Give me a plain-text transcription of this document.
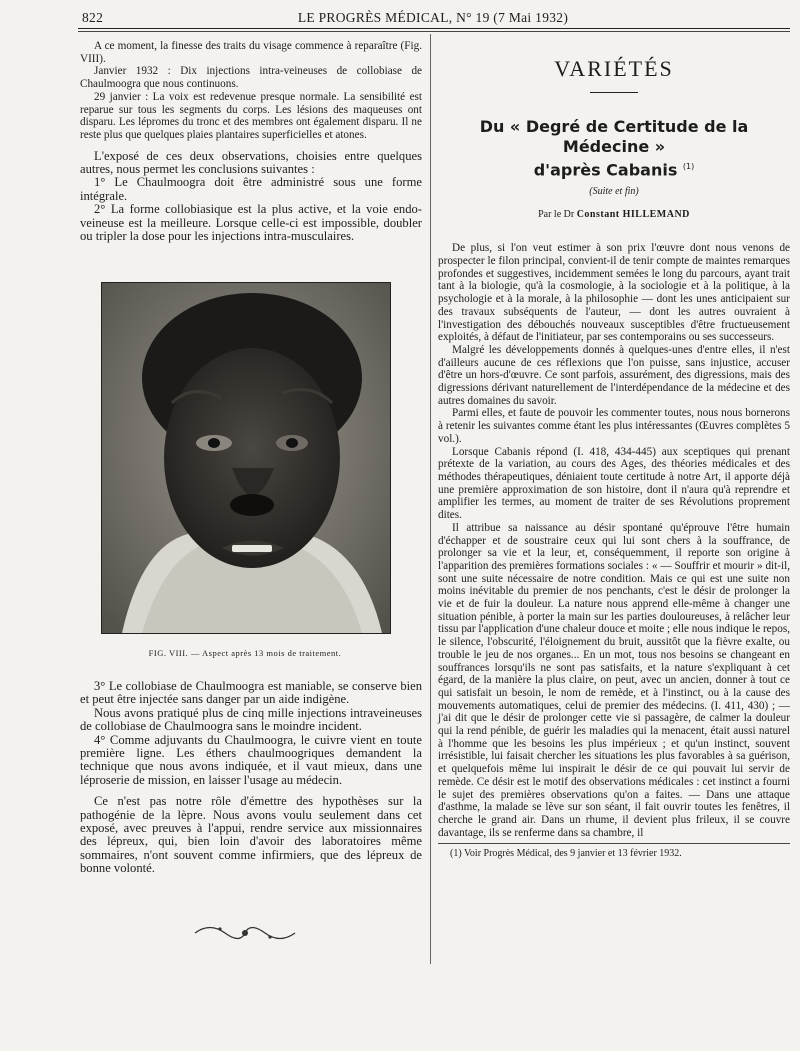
822	LE PROGRÈS MÉDICAL, N° 19 (7 Mai 1932)

A ce moment, la finesse des traits du visage commence à reparaître (Fig. VIII).

Janvier 1932 : Dix injections intra-veineuses de collobiase de Chaulmoogra que nous continuons.

29 janvier : La voix est redevenue presque normale. La sensibilité est reparue sur tous les segments du corps. Les lésions des maqueuses ont disparu. Les lépromes du tronc et des membres ont également disparu. Il ne reste plus que quelques plaies plantaires superficielles et atones.

L'exposé de ces deux observations, choisies entre quelques autres, nous permet les conclusions suivantes :

1° Le Chaulmoogra doit être administré sous une forme intégrale.

2° La forme collobiasique est la plus active, et la voie endo-veineuse est la meilleure. Lorsque celle-ci est impossible, doubler ou tripler la dose pour les injections intra-musculaires.

FIG. VIII. — Aspect après 13 mois de traitement.

3° Le collobiase de Chaulmoogra est maniable, se conserve bien et peut être injectée sans danger par un aide indigène.

Nous avons pratiqué plus de cinq mille injections intraveineuses de collobiase de Chaulmoogra sans le moindre incident.

4° Comme adjuvants du Chaulmoogra, le cuivre vient en toute première ligne. Les éthers chaulmoogriques demandent la technique que nous avons indiquée, et il vaut mieux, dans une léproserie de mission, en laisser l'usage au médecin.

Ce n'est pas notre rôle d'émettre des hypothèses sur la pathogénie de la lèpre. Nous avons voulu seulement dans cet exposé, avec preuves à l'appui, rendre service aux missionnaires des lépreux, qui, bien loin d'avoir des laboratoires même sommaires, n'ont souvent comme infirmiers, que des lépreux de bonne volonté.

VARIÉTÉS
Du « Degré de Certitude de la Médecine »
d'après Cabanis $^{(1)}$
(Suite et fin)
Par le Dr Constant HILLEMAND

De plus, si l'on veut estimer à son prix l'œuvre dont nous venons de prospecter le filon principal, convient-il de tenir compte de maintes remarques profondes et suggestives, incidemment semées le long du parcours, ayant trait tant à la biologie, qu'à la cosmologie, à la sociologie et à la politique, à la psychologie et à la morale, à la philosophie — dont les unes anticipaient sur des travaux subséquents de l'auteur, — dont les autres ouvraient à l'investigation des débouchés nouveaux susceptibles d'être fructueusement exploités, à défaut de l'initiateur, par ses contemporains ou ses successeurs.

Malgré les développements donnés à quelques-unes d'entre elles, il n'est d'ailleurs aucune de ces réflexions que l'on puisse, sans injustice, accuser d'être un hors-d'œuvre. Ce sont parfois, assurément, des digressions, mais des digressions dérivant naturellement de l'interdépendance de la médecine et des autres domaines du savoir.

Parmi elles, et faute de pouvoir les commenter toutes, nous nous bornerons à retenir les suivantes comme étant les plus intéressantes (Œuvres complètes 5 vol.).

Lorsque Cabanis répond (I. 418, 434-445) aux sceptiques qui prenant prétexte de la variation, au cours des Ages, des théories médicales et des méthodes thérapeutiques, déniaient toute certitude à notre Art, il apporte déjà une première approximation de son histoire, dont il n'aura qu'à reprendre et amplifier les termes, au moment de traiter de ses Révolutions proprement dites.

Il attribue sa naissance au désir spontané qu'éprouve l'être humain d'échapper et de soustraire ceux qui lui sont chers à la souffrance, de prolonger sa vie et la leur, et, conséquemment, il reporte son origine à l'apparition des premières formations sociales : « — Souffrir et mourir » dit-il, sont une suite nécessaire de notre condition. Mais ce qui est une suite non moins inévitable du premier de nos penchants, c'est le désir de prolonger la vie et de fuir la douleur. La nature nous apprend elle-même à changer une situation pénible, à porter la main sur les parties douloureuses, à relâcher leur tissu par l'application d'une chaleur douce et moite ; elle nous indique le repos, le silence, l'obscurité, l'éloignement du bruit, aussitôt que la fièvre exalte, ou trouble le jeu de nos organes... En un mot, tous nos besoins se changeant en souffrances lorsqu'ils ne sont pas satisfaits, et la nature s'expliquant à cet égard, de la manière la plus claire, on peut, avec un ancien, donner à tout ce qui satisfait un besoin, le nom de remède, et à l'instinct, ou à la cause des mouvements automatiques, celui de premier des médecins. (I. 411, 430) ; — j'ai dit que le désir de prolonger cette vie si passagère, de calmer la douleur qui la rend pénible, de guérir les maladies qui la menacent, était aussi naturel à l'homme que les besoins les plus impérieux ; et qu'un instinct, souvent irrésistible, lui faisait chercher les situations les plus favorables à sa guérison, et quelquefois même lui inspirait le désir de ce qui pouvait lui servir de remède. Ce désir est le motif des observations médicales : cet instinct a fourni le sujet des premières observations qu'on a faites. — Dans une attaque d'asthme, la malade se lève sur son séant, il fait ouvrir toutes les fenêtres, il cherche le grand air. Dans un rhume, il devient plus frileux, il se couvre davantage, ils se renferme dans sa chambre, il

(1) Voir Progrès Médical, des 9 janvier et 13 février 1932.
